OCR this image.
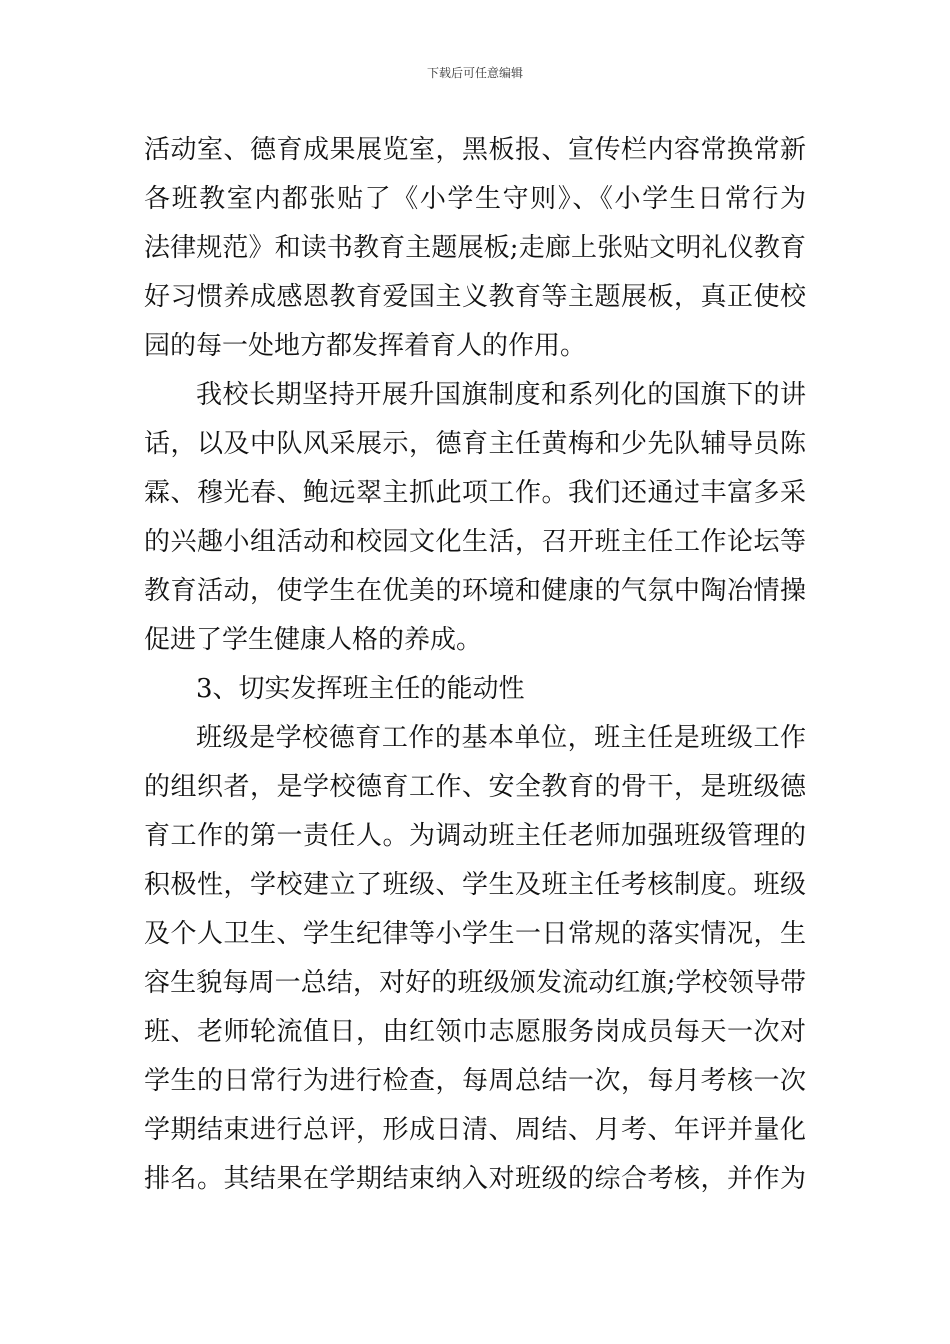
下载后可任意编辑
活动室、德育成果展览室，黑板报、宣传栏内容常换常新
各班教室内都张贴了《小学生守则》、《小学生日常行为
法律规范》和读书教育主题展板;走廊上张贴文明礼仪教育
好习惯养成感恩教育爱国主义教育等主题展板，真正使校
园的每一处地方都发挥着育人的作用。
我校长期坚持开展升国旗制度和系列化的国旗下的讲
话，以及中队风采展示，德育主任黄梅和少先队辅导员陈
霖、穆光春、鲍远翠主抓此项工作。我们还通过丰富多采
的兴趣小组活动和校园文化生活，召开班主任工作论坛等
教育活动，使学生在优美的环境和健康的气氛中陶冶情操
促进了学生健康人格的养成。
3、切实发挥班主任的能动性
班级是学校德育工作的基本单位，班主任是班级工作
的组织者，是学校德育工作、安全教育的骨干，是班级德
育工作的第一责任人。为调动班主任老师加强班级管理的
积极性，学校建立了班级、学生及班主任考核制度。班级
及个人卫生、学生纪律等小学生一日常规的落实情况，生
容生貌每周一总结，对好的班级颁发流动红旗;学校领导带
班、老师轮流值日，由红领巾志愿服务岗成员每天一次对
学生的日常行为进行检查，每周总结一次，每月考核一次
学期结束进行总评，形成日清、周结、月考、年评并量化
排名。其结果在学期结束纳入对班级的综合考核，并作为
